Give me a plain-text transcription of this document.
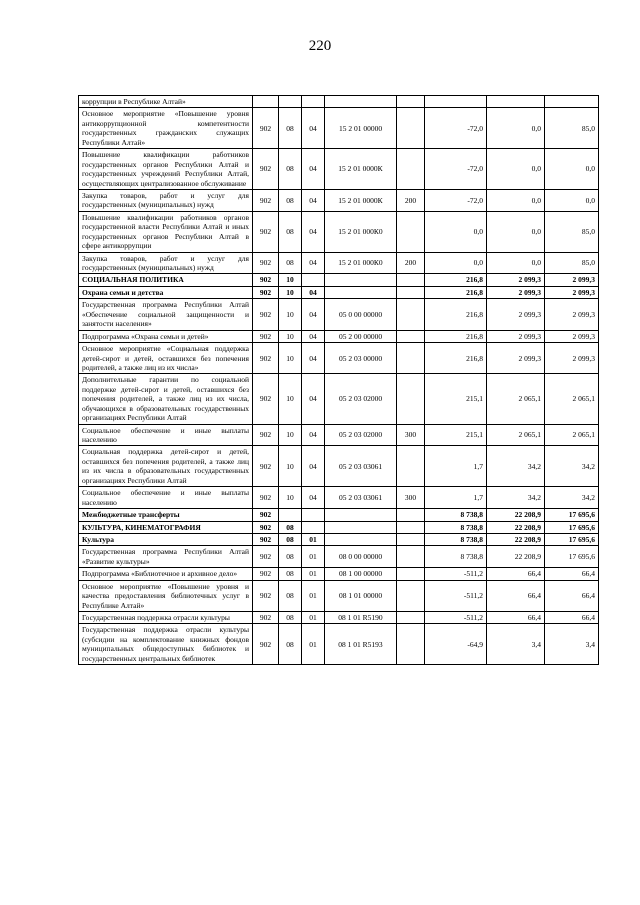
220
коррупции в Республике Алтай»								
Основное мероприятие «Повышение уровня антикоррупционной компетентности государственных гражданских служащих Республики Алтай»	902	08	04	15 2 01 00000		-72,0	0,0	85,0
Повышение квалификации работников государственных органов Республики Алтай и государственных учреждений Республики Алтай, осуществляющих централизованное обслуживание	902	08	04	15 2 01 0000К		-72,0	0,0	0,0
Закупка товаров, работ и услуг для государственных (муниципальных) нужд	902	08	04	15 2 01 0000К	200	-72,0	0,0	0,0
Повышение квалификации работников органов государственной власти Республики Алтай и иных государственных органов Республики Алтай в сфере антикоррупции	902	08	04	15 2 01 000К0		0,0	0,0	85,0
Закупка товаров, работ и услуг для государственных (муниципальных) нужд	902	08	04	15 2 01 000К0	200	0,0	0,0	85,0
СОЦИАЛЬНАЯ ПОЛИТИКА	902	10				216,8	2 099,3	2 099,3
Охрана семьи и детства	902	10	04			216,8	2 099,3	2 099,3
Государственная программа Республики Алтай «Обеспечение социальной защищенности и занятости населения»	902	10	04	05 0 00 00000		216,8	2 099,3	2 099,3
Подпрограмма «Охрана семьи и детей»	902	10	04	05 2 00 00000		216,8	2 099,3	2 099,3
Основное мероприятие «Социальная поддержка детей-сирот и детей, оставшихся без попечения родителей, а также лиц из их числа»	902	10	04	05 2 03 00000		216,8	2 099,3	2 099,3
Дополнительные гарантии по социальной поддержке детей-сирот и детей, оставшихся без попечения родителей, а также лиц из их числа, обучающихся в образовательных государственных организациях Республики Алтай	902	10	04	05 2 03 02000		215,1	2 065,1	2 065,1
Социальное обеспечение и иные выплаты населению	902	10	04	05 2 03 02000	300	215,1	2 065,1	2 065,1
Социальная поддержка детей-сирот и детей, оставшихся без попечения родителей, а также лиц из их числа в образовательных государственных организациях Республики Алтай	902	10	04	05 2 03 03061		1,7	34,2	34,2
Социальное обеспечение и иные выплаты населению	902	10	04	05 2 03 03061	300	1,7	34,2	34,2
Межбюджетные трансферты	902					8 738,8	22 208,9	17 695,6
КУЛЬТУРА, КИНЕМАТОГРАФИЯ	902	08				8 738,8	22 208,9	17 695,6
Культура	902	08	01			8 738,8	22 208,9	17 695,6
Государственная программа Республики Алтай «Развитие культуры»	902	08	01	08 0 00 00000		8 738,8	22 208,9	17 695,6
Подпрограмма «Библиотечное и архивное дело»	902	08	01	08 1 00 00000		-511,2	66,4	66,4
Основное мероприятие «Повышение уровня и качества предоставления библиотечных услуг в Республике Алтай»	902	08	01	08 1 01 00000		-511,2	66,4	66,4
Государственная поддержка отрасли культуры	902	08	01	08 1 01 R5190		-511,2	66,4	66,4
Государственная поддержка отрасли культуры (субсидии на комплектование книжных фондов муниципальных общедоступных библиотек и государственных центральных библиотек	902	08	01	08 1 01 R5193		-64,9	3,4	3,4
